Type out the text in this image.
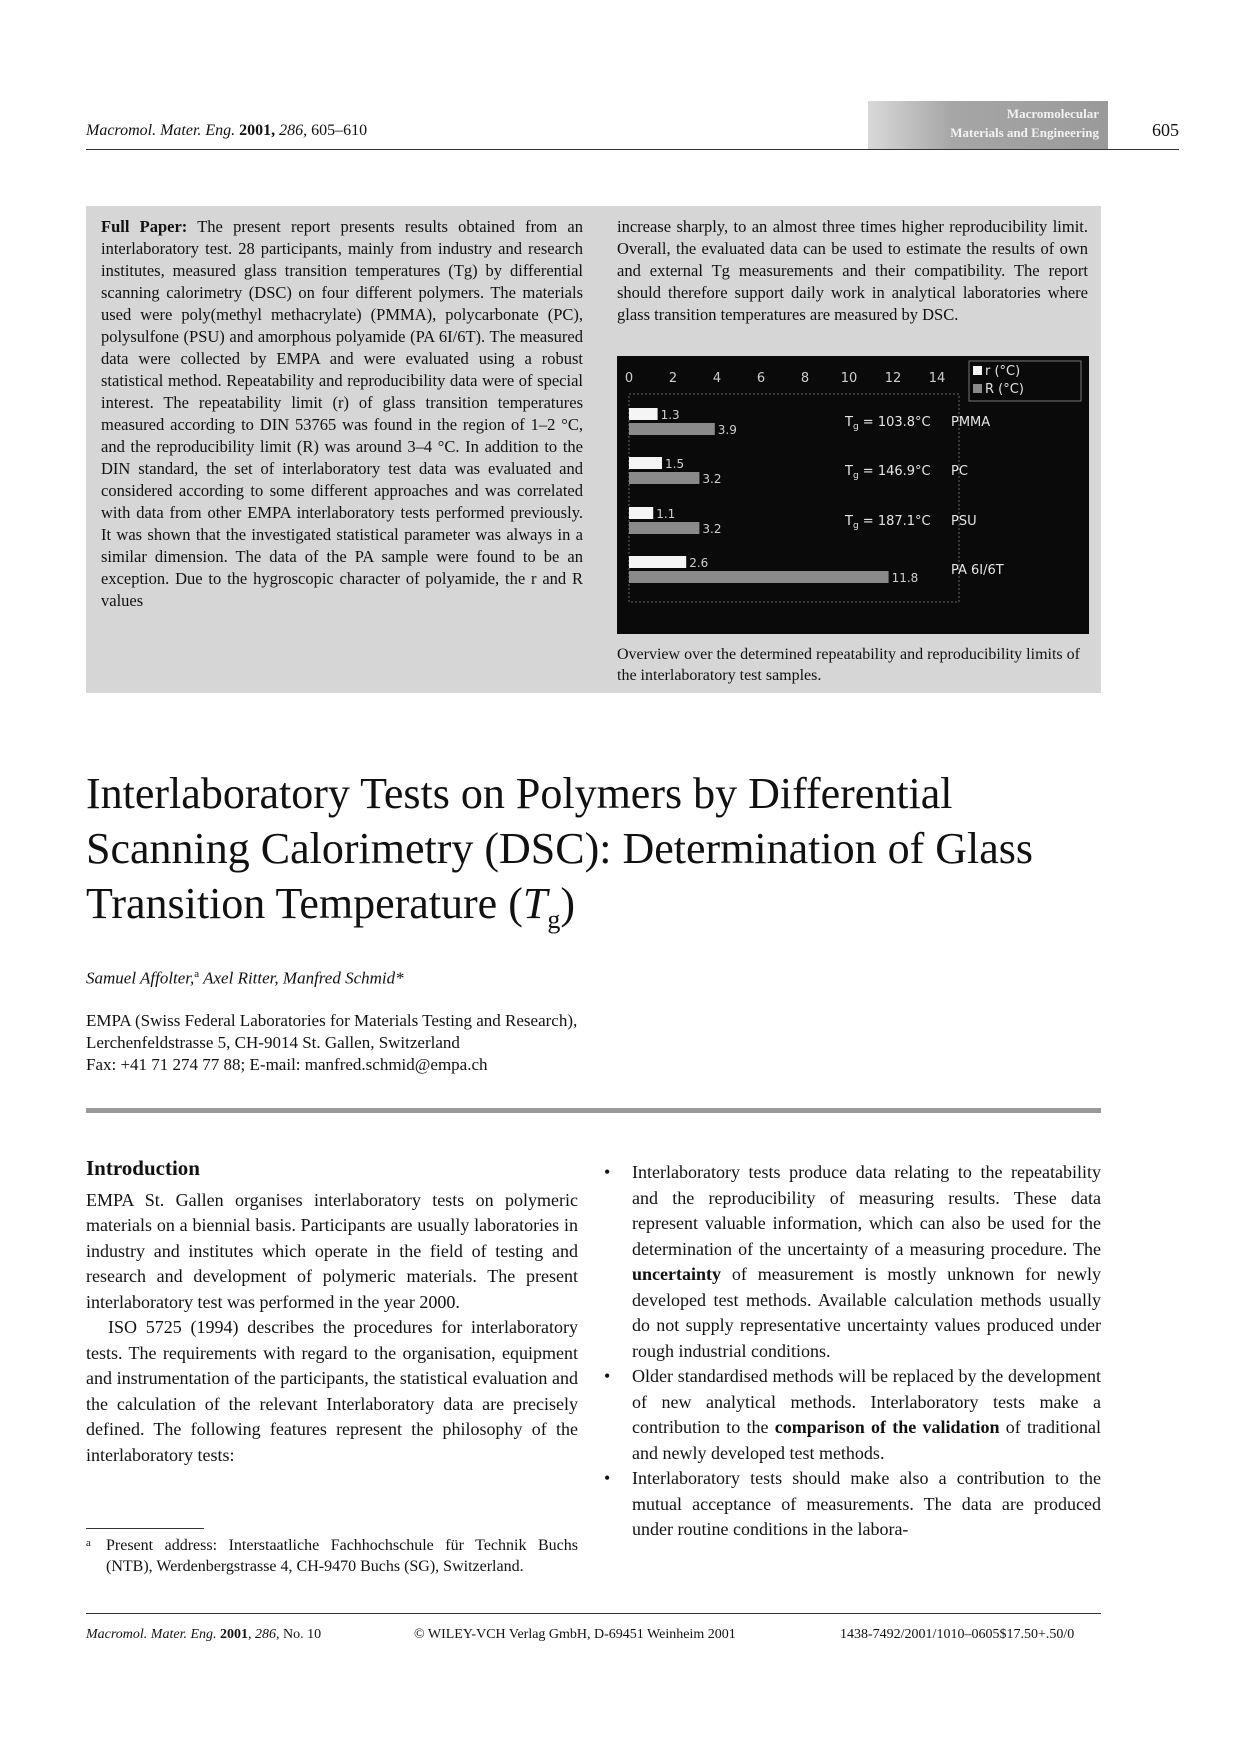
Macromol. Mater. Eng. 2001, 286, 605–610
Macromolecular
Materials and Engineering	605
Full Paper: The present report presents results obtained from an interlaboratory test. 28 participants, mainly from industry and research institutes, measured glass transition temperatures (Tg) by differential scanning calorimetry (DSC) on four different polymers. The materials used were poly(methyl methacrylate) (PMMA), polycarbonate (PC), polysulfone (PSU) and amorphous polyamide (PA 6I/6T). The measured data were collected by EMPA and were evaluated using a robust statistical method. Repeatability and reproducibility data were of special interest. The repeatability limit (r) of glass transition temperatures measured according to DIN 53765 was found in the region of 1–2 °C, and the reproducibility limit (R) was around 3–4 °C. In addition to the DIN standard, the set of interlaboratory test data was evaluated and considered according to some different approaches and was correlated with data from other EMPA interlaboratory tests performed previously. It was shown that the investigated statistical parameter was always in a similar dimension. The data of the PA sample were found to be an exception. Due to the hygroscopic character of polyamide, the r and R values
increase sharply, to an almost three times higher reproducibility limit. Overall, the evaluated data can be used to estimate the results of own and external Tg measurements and their compatibility. The report should therefore support daily work in analytical laboratories where glass transition temperatures are measured by DSC.
0	2	4	6	8 10 12 14	r (°C)
R (°C)
1.3
3.9	PMMA
$T_g = 103.8^\circ C$
1.5
3.2	PC
$T_g = 146.9^\circ C$
1.1
3.2	PSU
$T_g = 187.1^\circ C$
2.6
11.8	PA 6I/6T
Overview over the determined repeatability and reproducibility limits of the interlaboratory test samples.
Interlaboratory Tests on Polymers by Differential
Scanning Calorimetry (DSC): Determination of Glass
Transition Temperature $(T_g)$
Samuel Affolter,$^a$ Axel Ritter, Manfred Schmid*
EMPA (Swiss Federal Laboratories for Materials Testing and Research),
Lerchenfeldstrasse 5, CH-9014 St. Gallen, Switzerland
Fax: +41 71 274 77 88; E-mail: manfred.schmid@empa.ch
Introduction

EMPA St. Gallen organises interlaboratory tests on polymeric materials on a biennial basis. Participants are usually laboratories in industry and institutes which operate in the field of testing and research and development of polymeric materials. The present interlaboratory test was performed in the year 2000.

ISO 5725 (1994) describes the procedures for interlaboratory tests. The requirements with regard to the organisation, equipment and instrumentation of the participants, the statistical evaluation and the calculation of the relevant Interlaboratory data are precisely defined. The following features represent the philosophy of the interlaboratory tests:

a Present address: Interstaatliche Fachhochschule für Technik Buchs (NTB), Werdenbergstrasse 4, CH-9470 Buchs (SG), Switzerland.
• Interlaboratory tests produce data relating to the repeatability and the reproducibility of measuring results. These data represent valuable information, which can also be used for the determination of the uncertainty of a measuring procedure. The uncertainty of measurement is mostly unknown for newly developed test methods. Available calculation methods usually do not supply representative uncertainty values produced under rough industrial conditions.
• Older standardised methods will be replaced by the development of new analytical methods. Interlaboratory tests make a contribution to the comparison of the validation of traditional and newly developed test methods.
• Interlaboratory tests should make also a contribution to the mutual acceptance of measurements. The data are produced under routine conditions in the labora-
Macromol. Mater. Eng. 2001, 286, No. 10	© WILEY-VCH Verlag GmbH, D-69451 Weinheim 2001	1438-7492/2001/1010–0605$17.50+.50/0
